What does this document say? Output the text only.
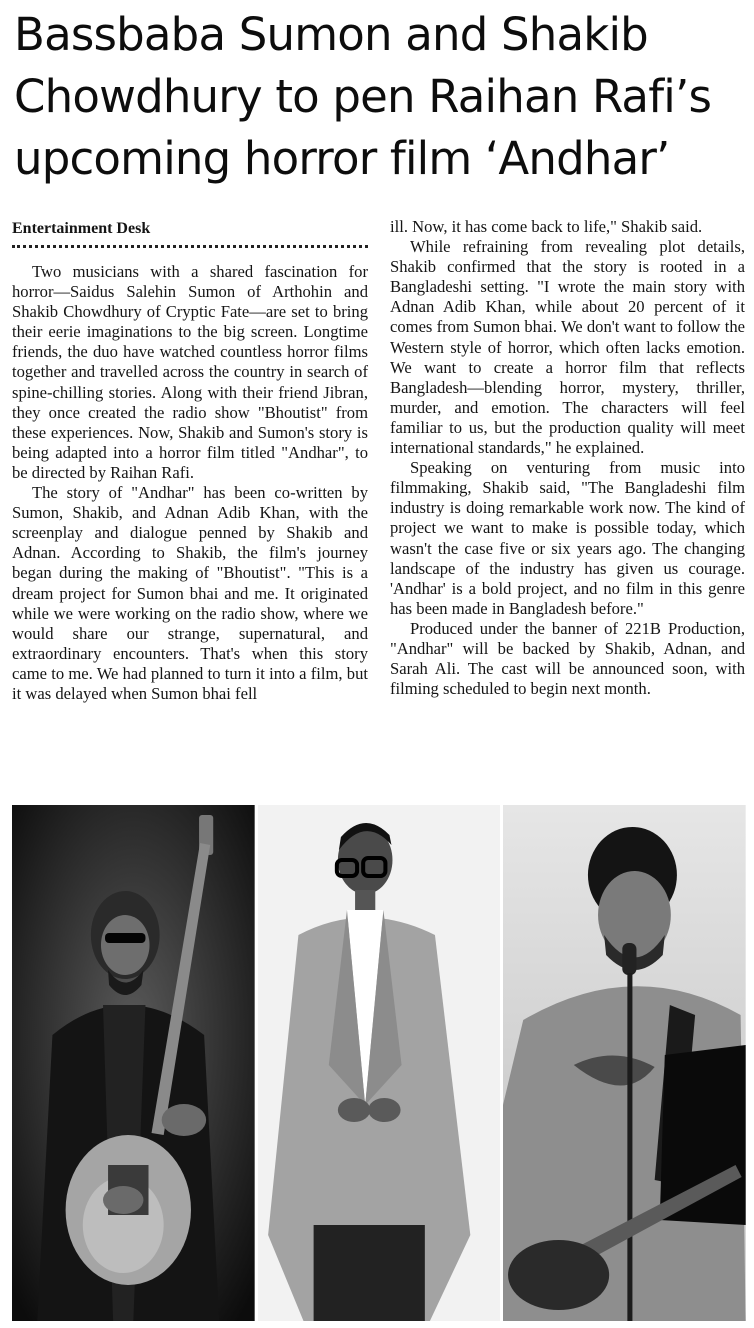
Bassbaba Sumon and Shakib Chowdhury to pen Raihan Rafi’s upcoming horror film ‘Andhar’
Entertainment Desk

Two musicians with a shared fascination for horror—Saidus Salehin Sumon of Arthohin and Shakib Chowdhury of Cryptic Fate—are set to bring their eerie imaginations to the big screen. Longtime friends, the duo have watched countless horror films together and travelled across the country in search of spine-chilling stories. Along with their friend Jibran, they once created the radio show "Bhoutist" from these experiences. Now, Shakib and Sumon's story is being adapted into a horror film titled "Andhar", to be directed by Raihan Rafi.

The story of "Andhar" has been co-written by Sumon, Shakib, and Adnan Adib Khan, with the screenplay and dialogue penned by Shakib and Adnan. According to Shakib, the film's journey began during the making of "Bhoutist". "This is a dream project for Sumon bhai and me. It originated while we were working on the radio show, where we would share our strange, supernatural, and extraordinary encounters. That's when this story came to me. We had planned to turn it into a film, but it was delayed when Sumon bhai fell

ill. Now, it has come back to life," Shakib said.

While refraining from revealing plot details, Shakib confirmed that the story is rooted in a Bangladeshi setting. "I wrote the main story with Adnan Adib Khan, while about 20 percent of it comes from Sumon bhai. We don't want to follow the Western style of horror, which often lacks emotion. We want to create a horror film that reflects Bangladesh—blending horror, mystery, thriller, murder, and emotion. The characters will feel familiar to us, but the production quality will meet international standards," he explained.

Speaking on venturing from music into filmmaking, Shakib said, "The Bangladeshi film industry is doing remarkable work now. The kind of project we want to make is possible today, which wasn't the case five or six years ago. The changing landscape of the industry has given us courage. 'Andhar' is a bold project, and no film in this genre has been made in Bangladesh before."

Produced under the banner of 221B Production, "Andhar" will be backed by Shakib, Adnan, and Sarah Ali. The cast will be announced soon, with filming scheduled to begin next month.
